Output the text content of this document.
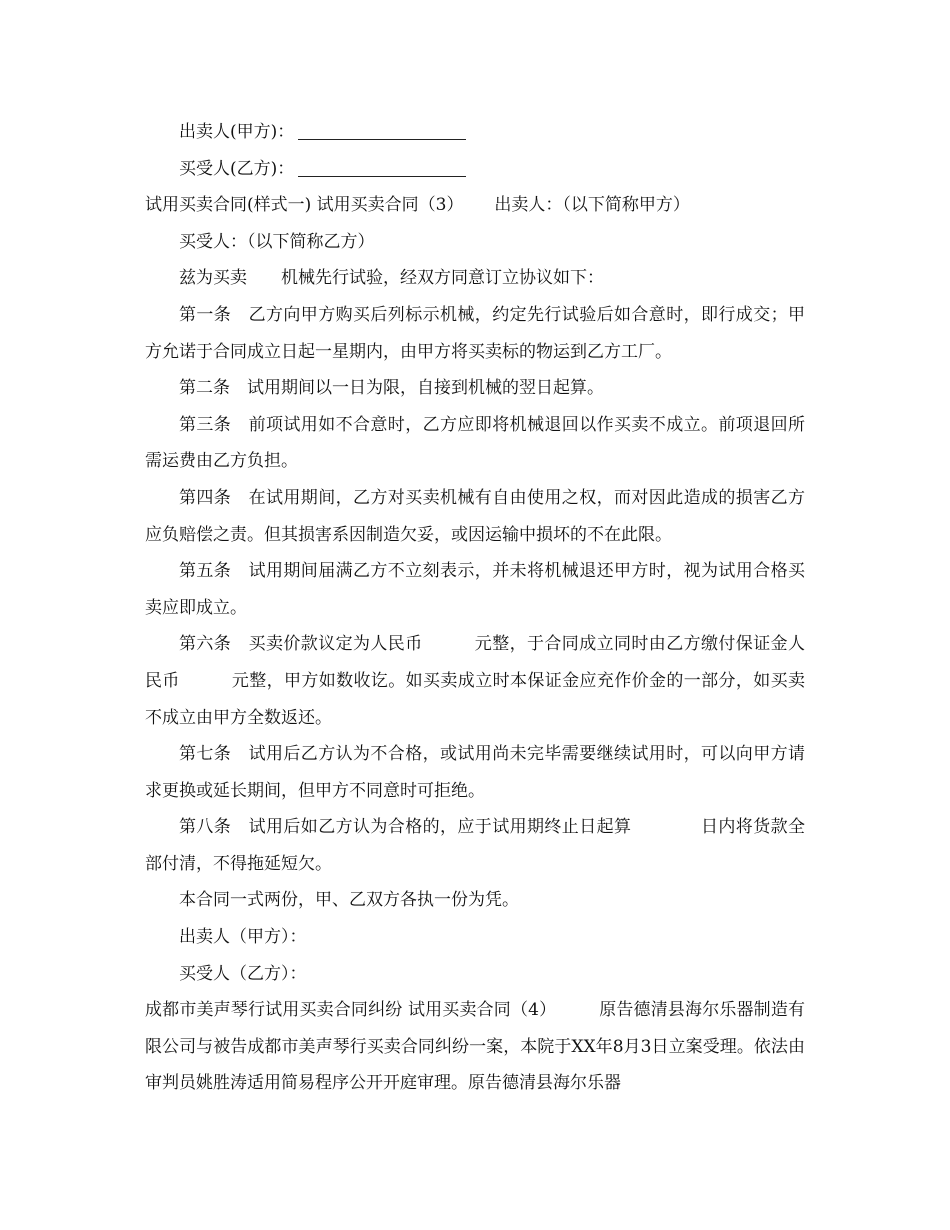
出卖人(甲方)：

买受人(乙方)：

试用买卖合同(样式一) 试用买卖合同（3）　　 出卖人：（以下简称甲方）

买受人：（以下简称乙方）

兹为买卖　　机械先行试验，经双方同意订立协议如下：

第一条　乙方向甲方购买后列标示机械，约定先行试验后如合意时，即行成交；甲方允诺于合同成立日起一星期内，由甲方将买卖标的物运到乙方工厂。

第二条　试用期间以一日为限，自接到机械的翌日起算。

第三条　前项试用如不合意时，乙方应即将机械退回以作买卖不成立。前项退回所需运费由乙方负担。

第四条　在试用期间，乙方对买卖机械有自由使用之权，而对因此造成的损害乙方应负赔偿之责。但其损害系因制造欠妥，或因运输中损坏的不在此限。

第五条　试用期间届满乙方不立刻表示，并未将机械退还甲方时，视为试用合格买卖应即成立。

第六条　买卖价款议定为人民币　　　元整，于合同成立同时由乙方缴付保证金人民币　　　元整，甲方如数收讫。如买卖成立时本保证金应充作价金的一部分，如买卖不成立由甲方全数返还。

第七条　试用后乙方认为不合格，或试用尚未完毕需要继续试用时，可以向甲方请求更换或延长期间，但甲方不同意时可拒绝。

第八条　试用后如乙方认为合格的，应于试用期终止日起算　　　　日内将货款全部付清，不得拖延短欠。

本合同一式两份，甲、乙双方各执一份为凭。

出卖人（甲方）：

买受人（乙方）：

成都市美声琴行试用买卖合同纠纷 试用买卖合同（4）　　　原告德清县海尔乐器制造有限公司与被告成都市美声琴行买卖合同纠纷一案，本院于XX年8月3日立案受理。依法由审判员姚胜涛适用简易程序公开开庭审理。原告德清县海尔乐器
